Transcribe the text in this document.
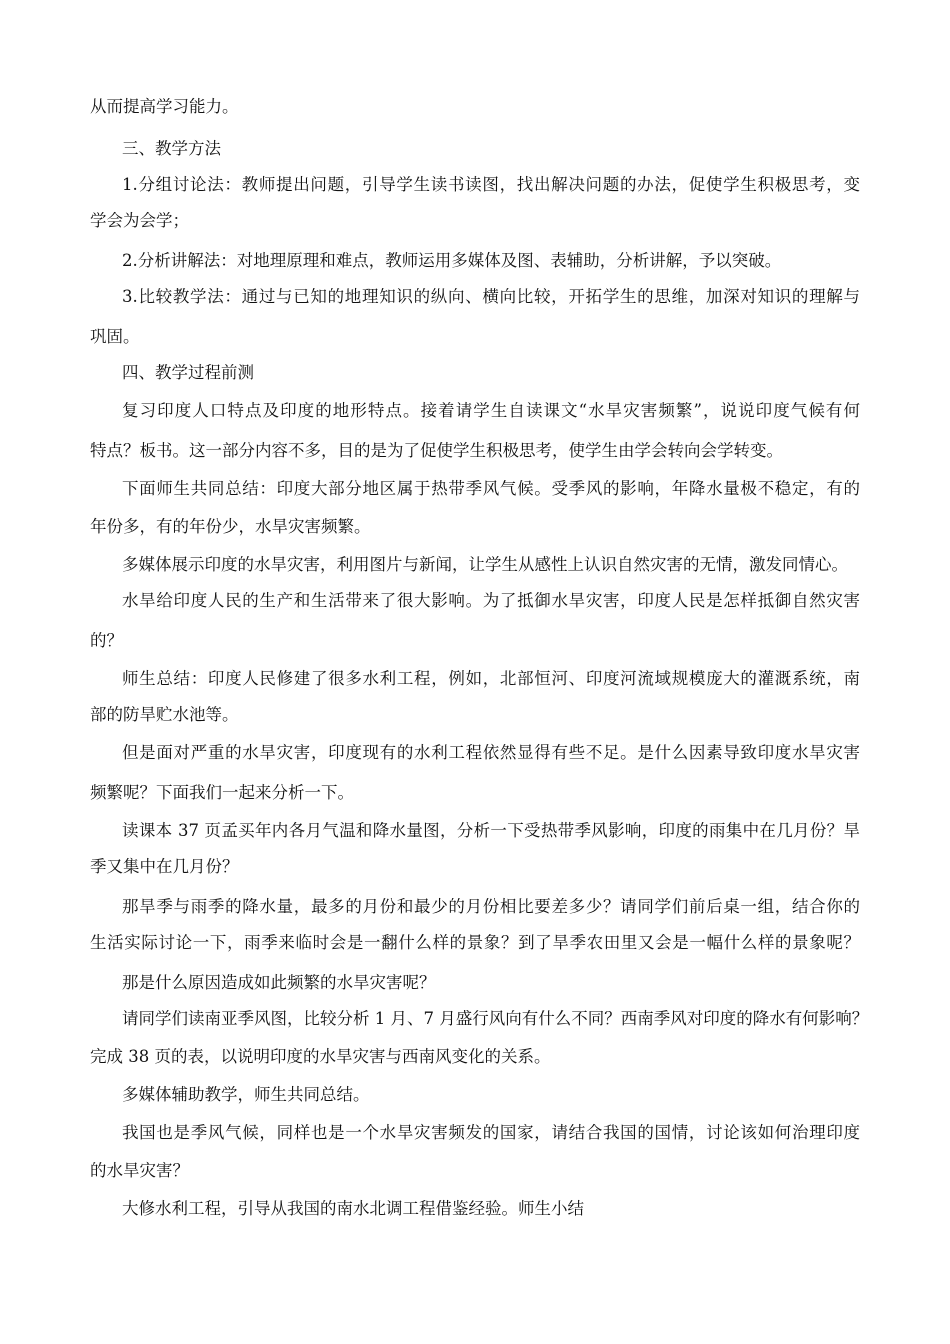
从而提高学习能力。
三、教学方法
1.分组讨论法：教师提出问题，引导学生读书读图，找出解决问题的办法，促使学生积极思考，变
学会为会学；
2.分析讲解法：对地理原理和难点，教师运用多媒体及图、表辅助，分析讲解，予以突破。
3.比较教学法：通过与已知的地理知识的纵向、横向比较，开拓学生的思维，加深对知识的理解与
巩固。
四、教学过程前测
复习印度人口特点及印度的地形特点。接着请学生自读课文“水旱灾害频繁”，说说印度气候有何
特点？板书。这一部分内容不多，目的是为了促使学生积极思考，使学生由学会转向会学转变。
下面师生共同总结：印度大部分地区属于热带季风气候。受季风的影响，年降水量极不稳定，有的
年份多，有的年份少，水旱灾害频繁。
多媒体展示印度的水旱灾害，利用图片与新闻，让学生从感性上认识自然灾害的无情，激发同情心。
水旱给印度人民的生产和生活带来了很大影响。为了抵御水旱灾害，印度人民是怎样抵御自然灾害
的？
师生总结：印度人民修建了很多水利工程，例如，北部恒河、印度河流域规模庞大的灌溉系统，南
部的防旱贮水池等。
但是面对严重的水旱灾害，印度现有的水利工程依然显得有些不足。是什么因素导致印度水旱灾害
频繁呢？下面我们一起来分析一下。
读课本 37 页孟买年内各月气温和降水量图，分析一下受热带季风影响，印度的雨集中在几月份？旱
季又集中在几月份？
那旱季与雨季的降水量，最多的月份和最少的月份相比要差多少？请同学们前后桌一组，结合你的
生活实际讨论一下，雨季来临时会是一翻什么样的景象？到了旱季农田里又会是一幅什么样的景象呢？
那是什么原因造成如此频繁的水旱灾害呢？
请同学们读南亚季风图，比较分析 1 月、7 月盛行风向有什么不同？西南季风对印度的降水有何影响？
完成 38 页的表，以说明印度的水旱灾害与西南风变化的关系。
多媒体辅助教学，师生共同总结。
我国也是季风气候，同样也是一个水旱灾害频发的国家，请结合我国的国情，讨论该如何治理印度
的水旱灾害？
大修水利工程，引导从我国的南水北调工程借鉴经验。师生小结
